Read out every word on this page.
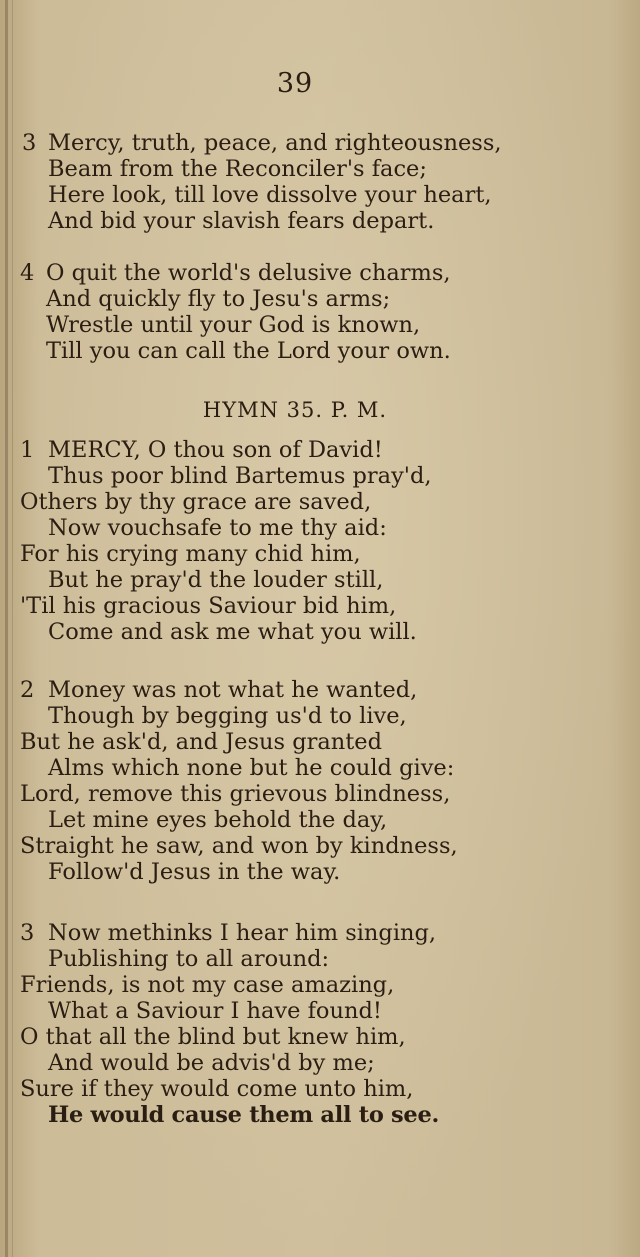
39
3 Mercy, truth, peace, and righteousness,
Beam from the Reconciler's face;
Here look, till love dissolve your heart,
And bid your slavish fears depart.
4 O quit the world's delusive charms,
And quickly fly to Jesu's arms;
Wrestle until your God is known,
Till you can call the Lord your own.
HYMN 35. P. M.
1 MERCY, O thou son of David!
Thus poor blind Bartemus pray'd,
Others by thy grace are saved,
Now vouchsafe to me thy aid:
For his crying many chid him,
But he pray'd the louder still,
'Til his gracious Saviour bid him,
Come and ask me what you will.
2 Money was not what he wanted,
Though by begging us'd to live,
But he ask'd, and Jesus granted
Alms which none but he could give:
Lord, remove this grievous blindness,
Let mine eyes behold the day,
Straight he saw, and won by kindness,
Follow'd Jesus in the way.
3 Now methinks I hear him singing,
Publishing to all around:
Friends, is not my case amazing,
What a Saviour I have found!
O that all the blind but knew him,
And would be advis'd by me;
Sure if they would come unto him,
He would cause them all to see.
